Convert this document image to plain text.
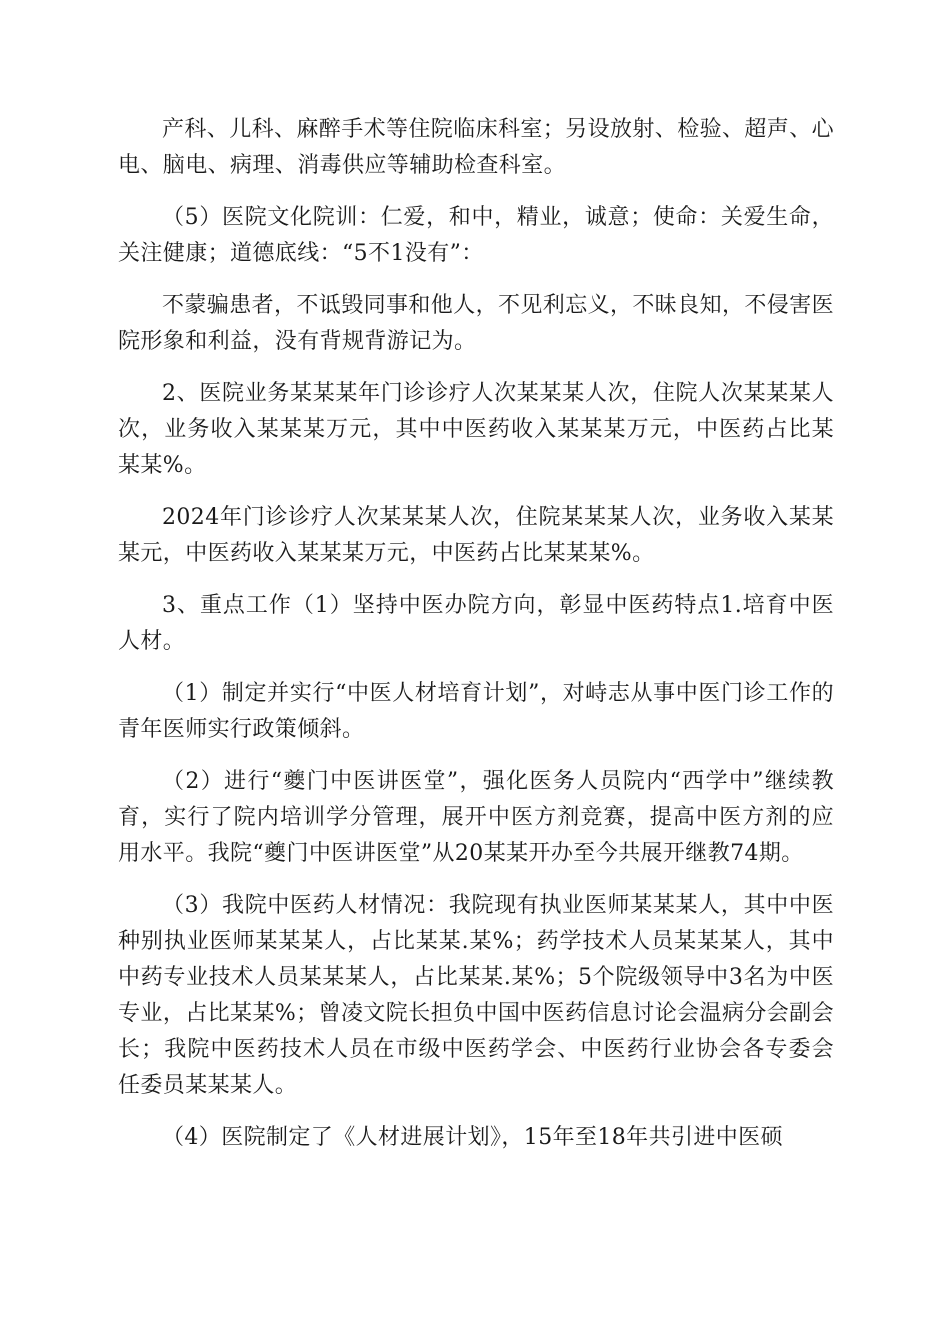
产科、儿科、麻醉手术等住院临床科室；另设放射、检验、超声、心电、脑电、病理、消毒供应等辅助检查科室。

（5）医院文化院训：仁爱，和中，精业，诚意；使命：关爱生命，关注健康；道德底线：“5不1没有”：

不蒙骗患者，不诋毁同事和他人，不见利忘义，不昧良知，不侵害医院形象和利益，没有背规背游记为。

2、医院业务某某某年门诊诊疗人次某某某人次，住院人次某某某人次，业务收入某某某万元，其中中医药收入某某某万元，中医药占比某某某%。

2024年门诊诊疗人次某某某人次，住院某某某人次，业务收入某某某元，中医药收入某某某万元，中医药占比某某某%。

3、重点工作（1）坚持中医办院方向，彰显中医药特点1.培育中医人材。

（1）制定并实行“中医人材培育计划”，对峙志从事中医门诊工作的青年医师实行政策倾斜。

（2）进行“夔门中医讲医堂”，强化医务人员院内“西学中”继续教育，实行了院内培训学分管理，展开中医方剂竞赛，提高中医方剂的应用水平。我院“夔门中医讲医堂”从20某某开办至今共展开继教74期。

（3）我院中医药人材情况：我院现有执业医师某某某人，其中中医种别执业医师某某某人，占比某某.某%；药学技术人员某某某人，其中中药专业技术人员某某某人，占比某某.某%；5个院级领导中3名为中医专业，占比某某%；曾凌文院长担负中国中医药信息讨论会温病分会副会长；我院中医药技术人员在市级中医药学会、中医药行业协会各专委会任委员某某某人。

（4）医院制定了《人材进展计划》，15年至18年共引进中医硕
